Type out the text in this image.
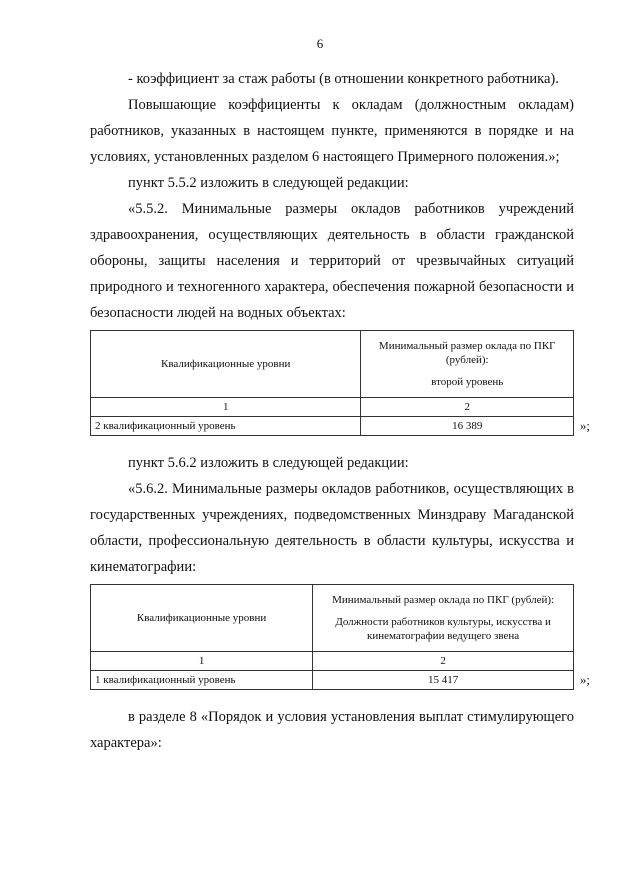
6

- коэффициент за стаж работы (в отношении конкретного работника).

Повышающие коэффициенты к окладам (должностным окладам) работников, указанных в настоящем пункте, применяются в порядке и на условиях, установленных разделом 6 настоящего Примерного положения.»;

пункт 5.5.2 изложить в следующей редакции:

«5.5.2. Минимальные размеры окладов работников учреждений здравоохранения, осуществляющих деятельность в области гражданской обороны, защиты населения и территорий от чрезвычайных ситуаций природного и техногенного характера, обеспечения пожарной безопасности и безопасности людей на водных объектах:

Квалификационные уровни	Минимальный размер оклада по ПКГ (рублей):
второй уровень

1	2
2 квалификационный уровень	16 389	»;

пункт 5.6.2 изложить в следующей редакции:

«5.6.2. Минимальные размеры окладов работников, осуществляющих в государственных учреждениях, подведомственных Минздраву Магаданской области, профессиональную деятельность в области культуры, искусства и кинематографии:

Квалификационные уровни	Минимальный размер оклада по ПКГ (рублей):
Должности работников культуры, искусства и кинематографии ведущего звена

1	2
1 квалификационный уровень	15 417	»;

в разделе 8 «Порядок и условия установления выплат стимулирующего характера»:
